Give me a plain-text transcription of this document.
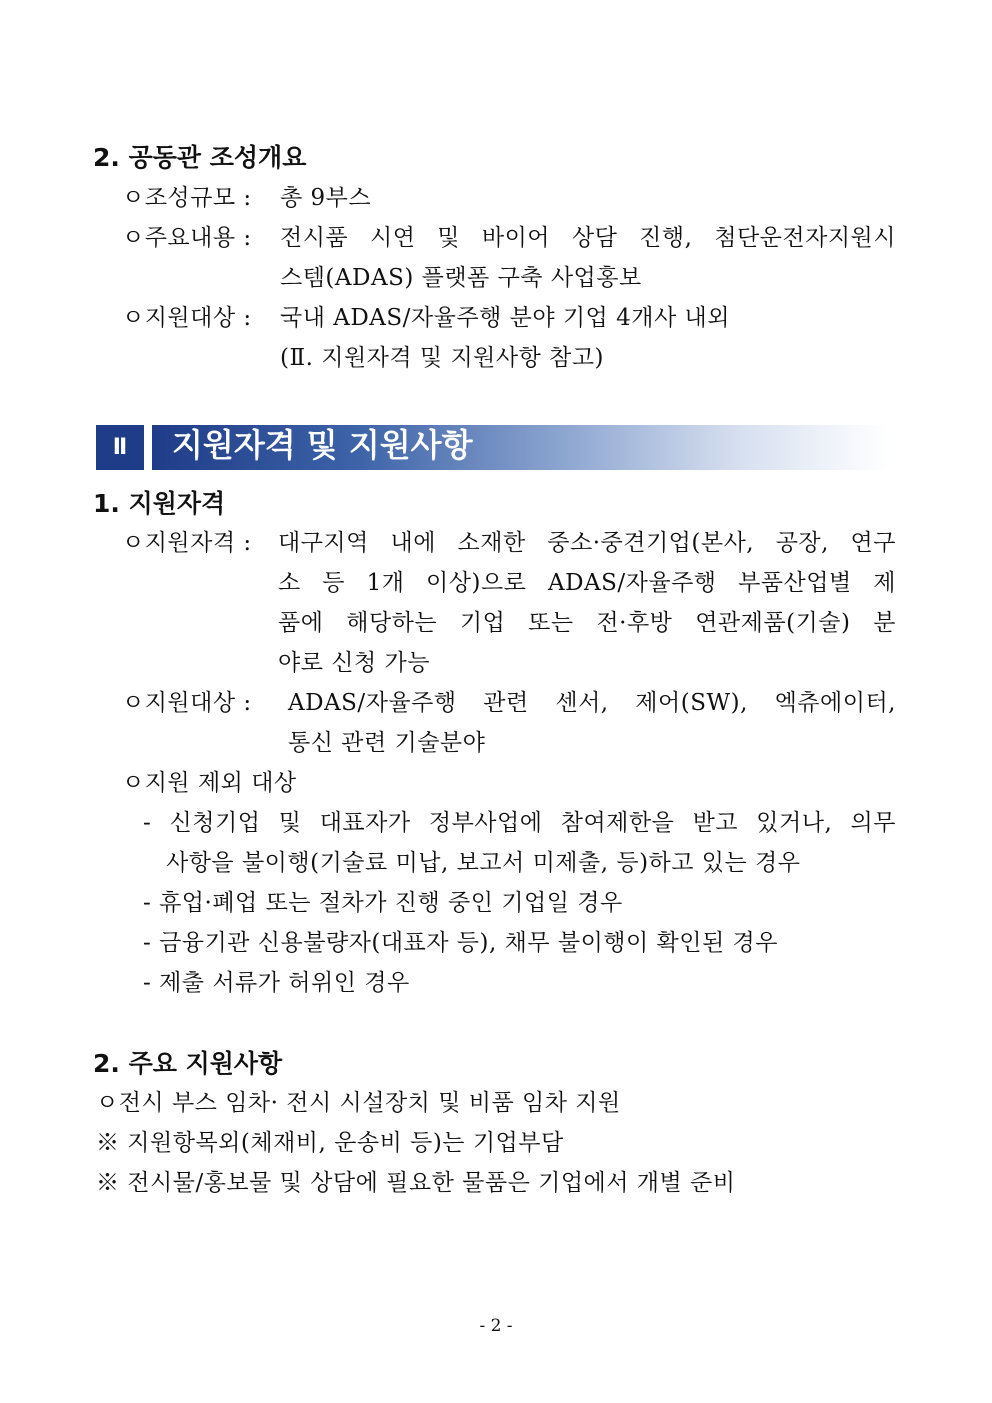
2. 공동관 조성개요
ㅇ조성규모 : 총 9부스
ㅇ주요내용 : 전시품 시연 및 바이어 상담 진행, 첨단운전자지원시
스템(ADAS) 플랫폼 구축 사업홍보
ㅇ지원대상 : 국내 ADAS/자율주행 분야 기업 4개사 내외
(Ⅱ. 지원자격 및 지원사항 참고)
Ⅱ	지원자격 및 지원사항
1. 지원자격
ㅇ지원자격 : 대구지역 내에 소재한 중소·중견기업(본사, 공장, 연구
소 등 1개 이상)으로 ADAS/자율주행 부품산업별 제
품에 해당하는 기업 또는 전·후방 연관제품(기술) 분
야로 신청 가능
ㅇ지원대상 : ADAS/자율주행 관련 센서, 제어(SW), 엑츄에이터,
통신 관련 기술분야
ㅇ지원 제외 대상
- 신청기업 및 대표자가 정부사업에 참여제한을 받고 있거나, 의무
사항을 불이행(기술료 미납, 보고서 미제출, 등)하고 있는 경우
- 휴업·폐업 또는 절차가 진행 중인 기업일 경우
- 금융기관 신용불량자(대표자 등), 채무 불이행이 확인된 경우
- 제출 서류가 허위인 경우
2. 주요 지원사항
ㅇ전시 부스 임차· 전시 시설장치 및 비품 임차 지원
※ 지원항목외(체재비, 운송비 등)는 기업부담
※ 전시물/홍보물 및 상담에 필요한 물품은 기업에서 개별 준비
- 2 -
